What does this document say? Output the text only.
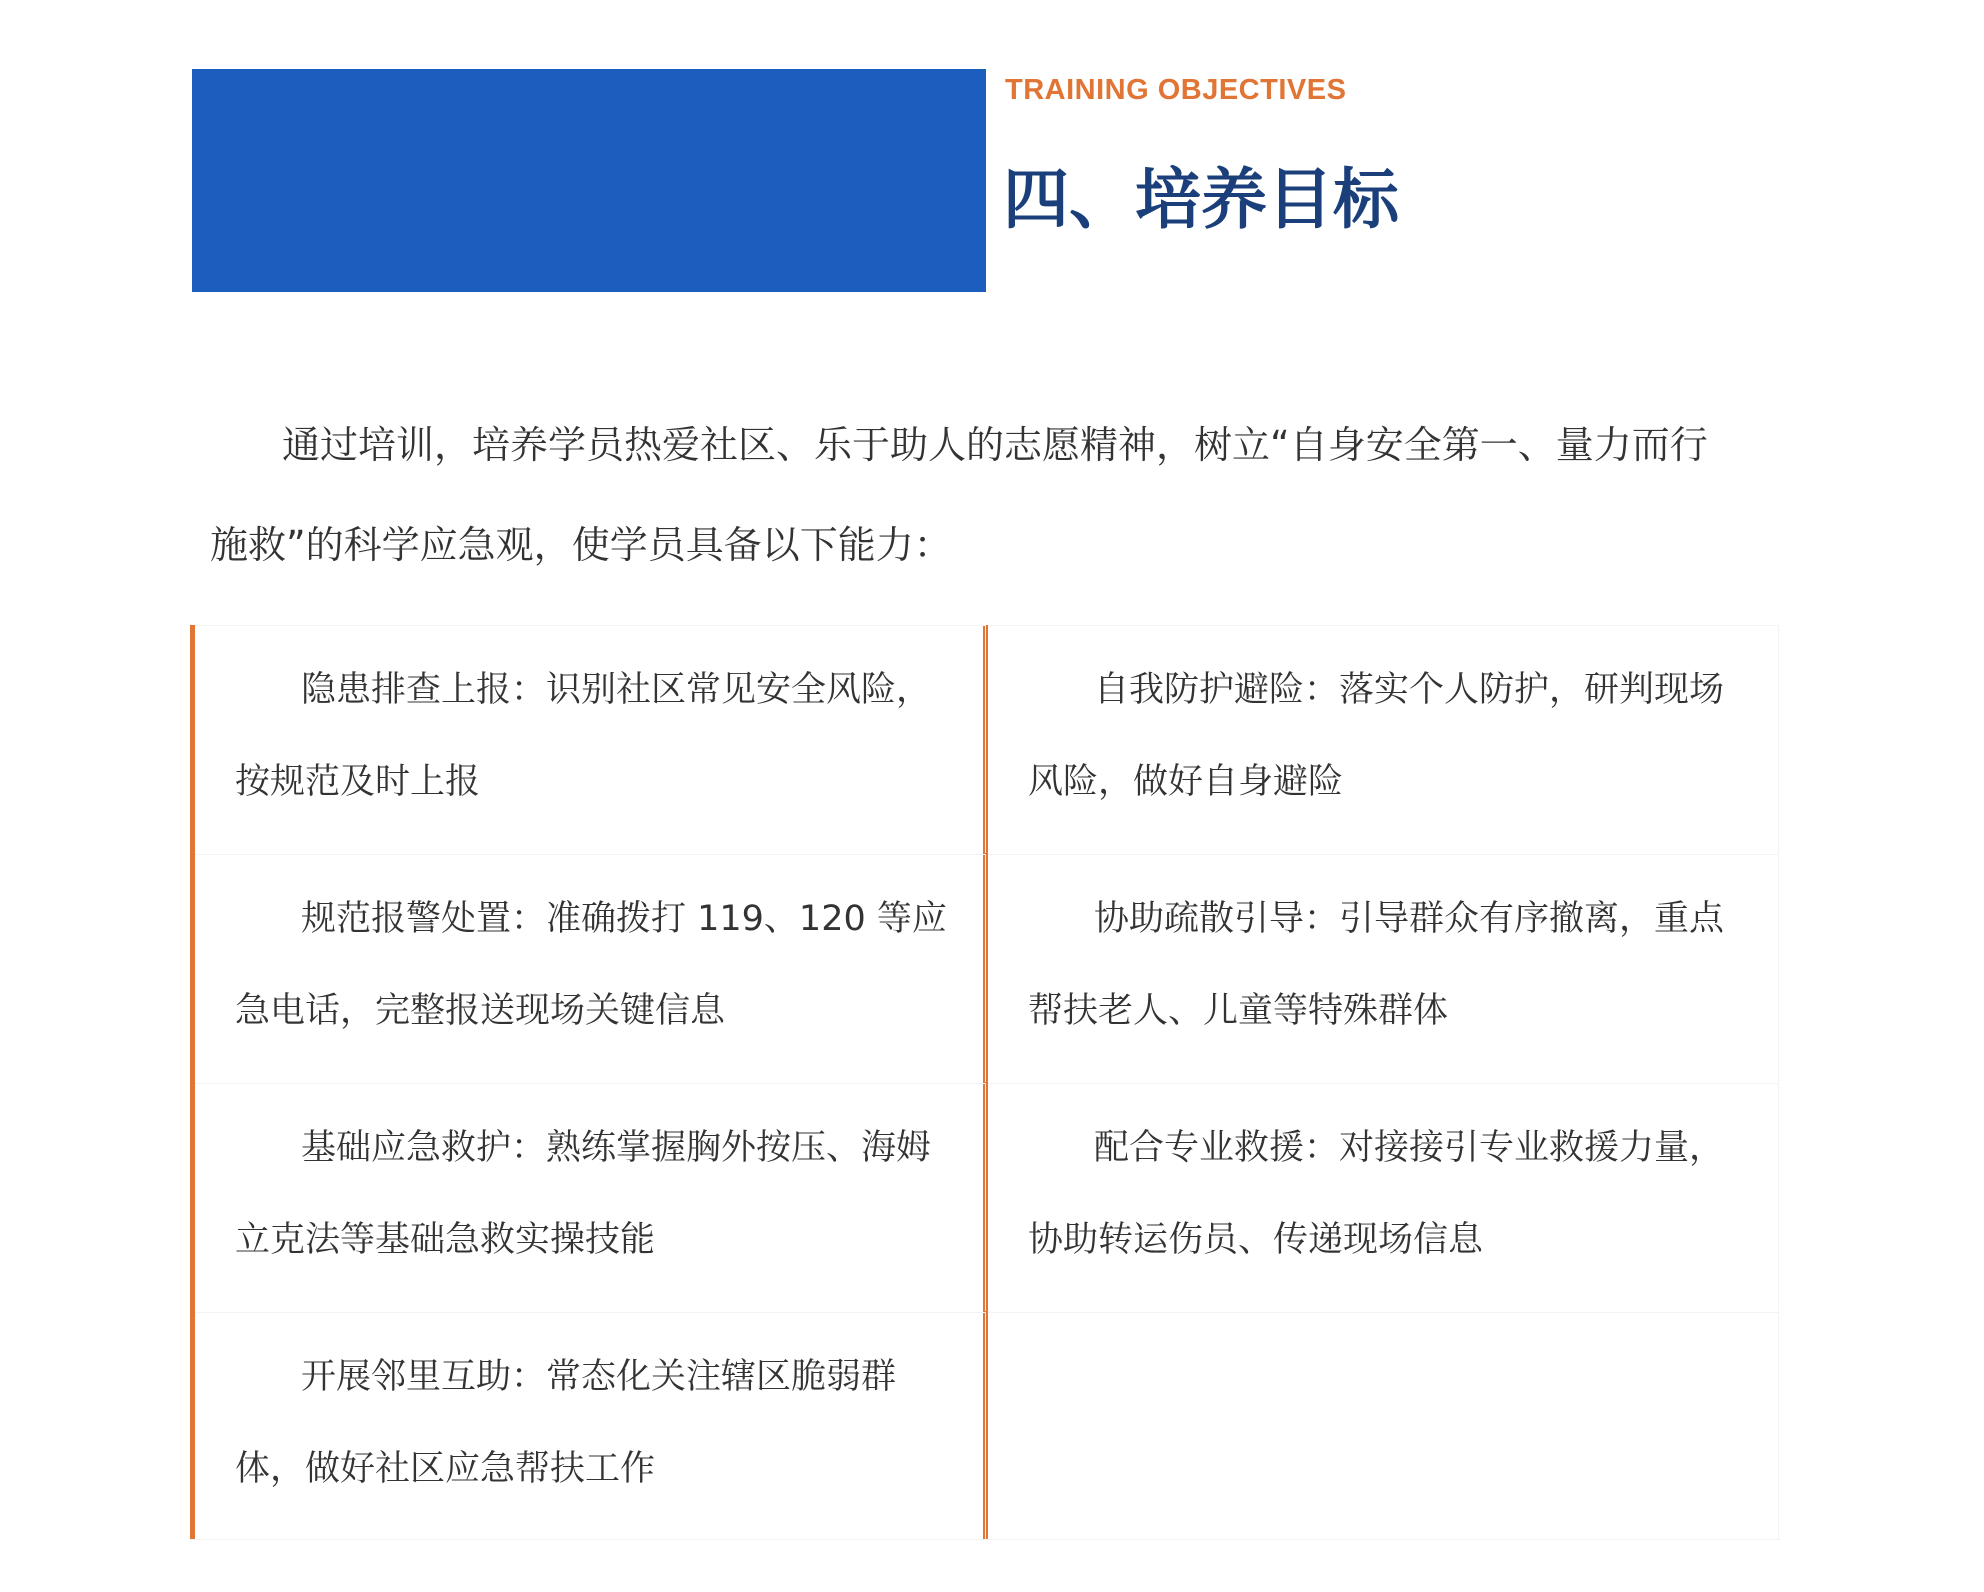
TRAINING OBJECTIVES
四、培养目标
通过培训，培养学员热爱社区、乐于助人的志愿精神，树立“自身安全第一、量力而行施救”的科学应急观，使学员具备以下能力：
隐患排查上报：识别社区常见安全风险，按规范及时上报
规范报警处置：准确拨打 119、120 等应急电话，完整报送现场关键信息
基础应急救护：熟练掌握胸外按压、海姆立克法等基础急救实操技能
开展邻里互助：常态化关注辖区脆弱群体，做好社区应急帮扶工作
自我防护避险：落实个人防护，研判现场风险，做好自身避险
协助疏散引导：引导群众有序撤离，重点帮扶老人、儿童等特殊群体
配合专业救援：对接接引专业救援力量，协助转运伤员、传递现场信息
